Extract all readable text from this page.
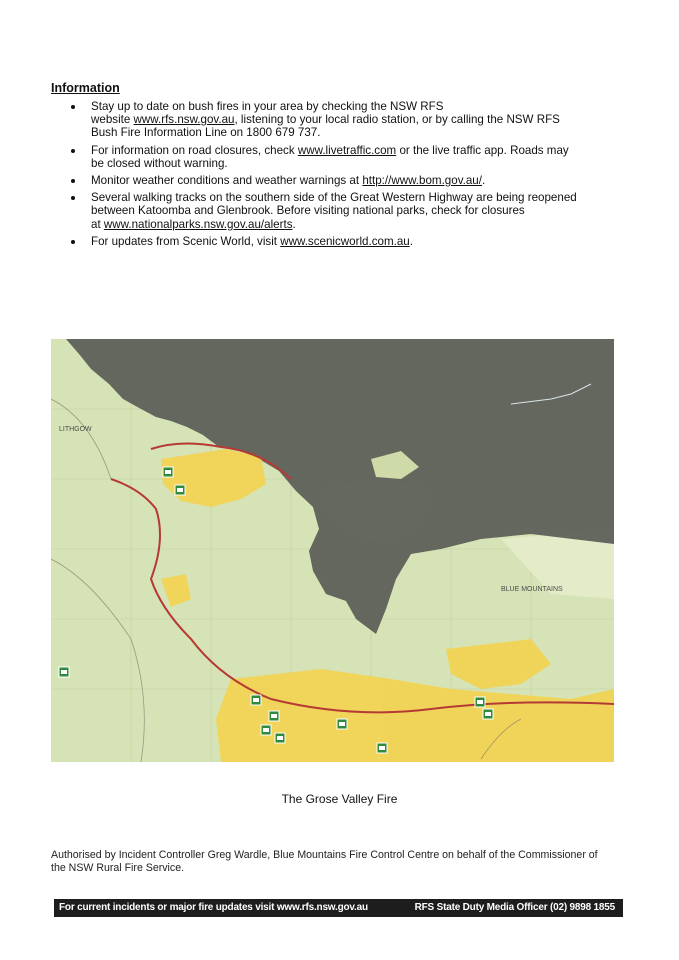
Information
Stay up to date on bush fires in your area by checking the NSW RFS
website www.rfs.nsw.gov.au, listening to your local radio station, or by calling the NSW RFS
Bush Fire Information Line on 1800 679 737.
For information on road closures, check www.livetraffic.com or the live traffic app. Roads may
be closed without warning.
Monitor weather conditions and weather warnings at http://www.bom.gov.au/.
Several walking tracks on the southern side of the Great Western Highway are being reopened
between Katoomba and Glenbrook. Before visiting national parks, check for closures
at www.nationalparks.nsw.gov.au/alerts.
For updates from Scenic World, visit www.scenicworld.com.au.
LITHGOW
BLUE MOUNTAINS
The Grose Valley Fire
Authorised by Incident Controller Greg Wardle, Blue Mountains Fire Control Centre on behalf of the Commissioner of the NSW Rural Fire Service.
For current incidents or major fire updates visit www.rfs.nsw.gov.au	RFS State Duty Media Officer (02) 9898 1855
